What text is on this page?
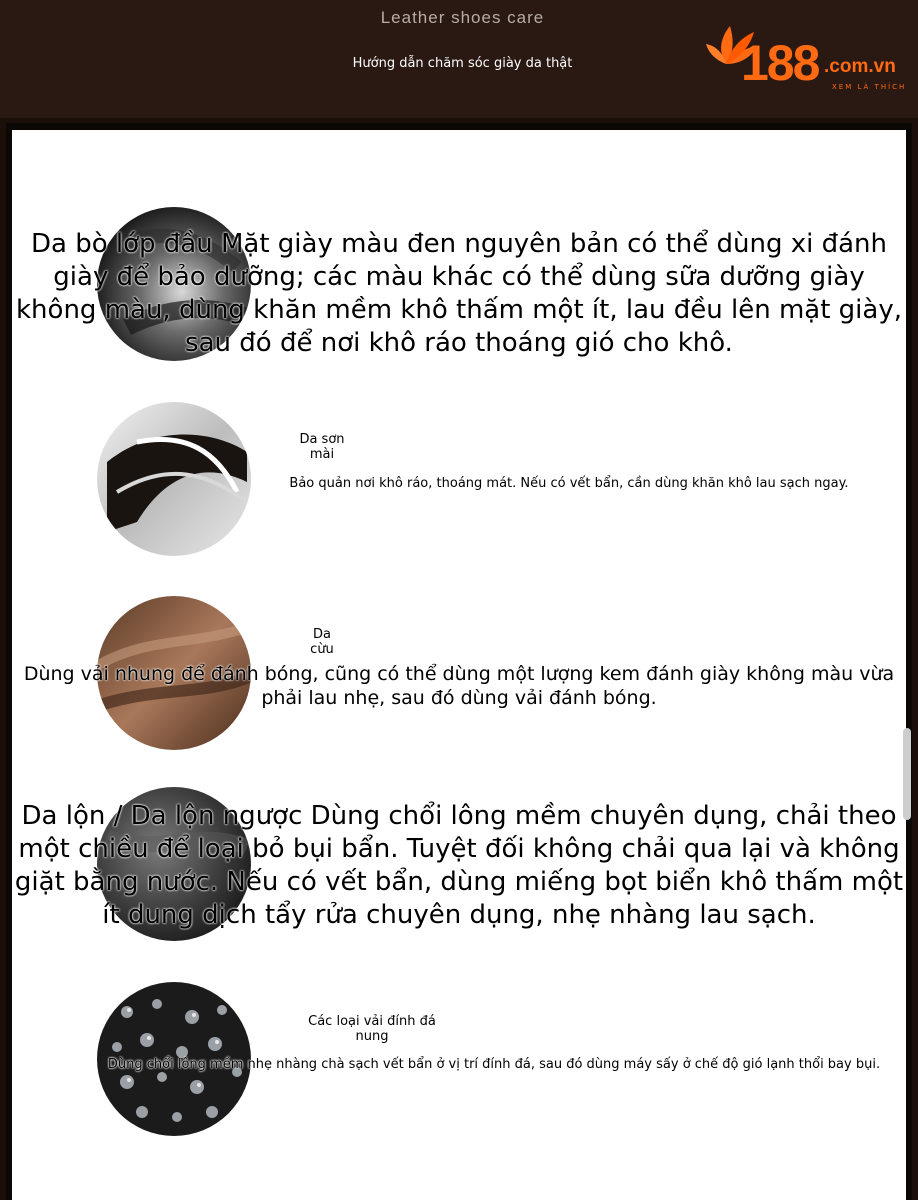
Leather shoes care
Hướng dẫn chăm sóc giày da thật	188 .com.vn
XEM LÀ THÍCH
Da bò lớp đầu Mặt giày màu đen nguyên bản có thể dùng xi đánh giày để bảo dưỡng; các màu khác có thể dùng sữa dưỡng giày không màu, dùng khăn mềm khô thấm một ít, lau đều lên mặt giày, sau đó để nơi khô ráo thoáng gió cho khô.
Da sơn mài
Bảo quản nơi khô ráo, thoáng mát. Nếu có vết bẩn, cần dùng khăn khô lau sạch ngay.
Da cừu
Dùng vải nhung để đánh bóng, cũng có thể dùng một lượng kem đánh giày không màu vừa phải lau nhẹ, sau đó dùng vải đánh bóng.
Da lộn / Da lộn ngược Dùng chổi lông mềm chuyên dụng, chải theo một chiều để loại bỏ bụi bẩn. Tuyệt đối không chải qua lại và không giặt bằng nước. Nếu có vết bẩn, dùng miếng bọt biển khô thấm một ít dung dịch tẩy rửa chuyên dụng, nhẹ nhàng lau sạch.
Các loại vải đính đá nung
Dùng chổi lông mềm nhẹ nhàng chà sạch vết bẩn ở vị trí đính đá, sau đó dùng máy sấy ở chế độ gió lạnh thổi bay bụi.
